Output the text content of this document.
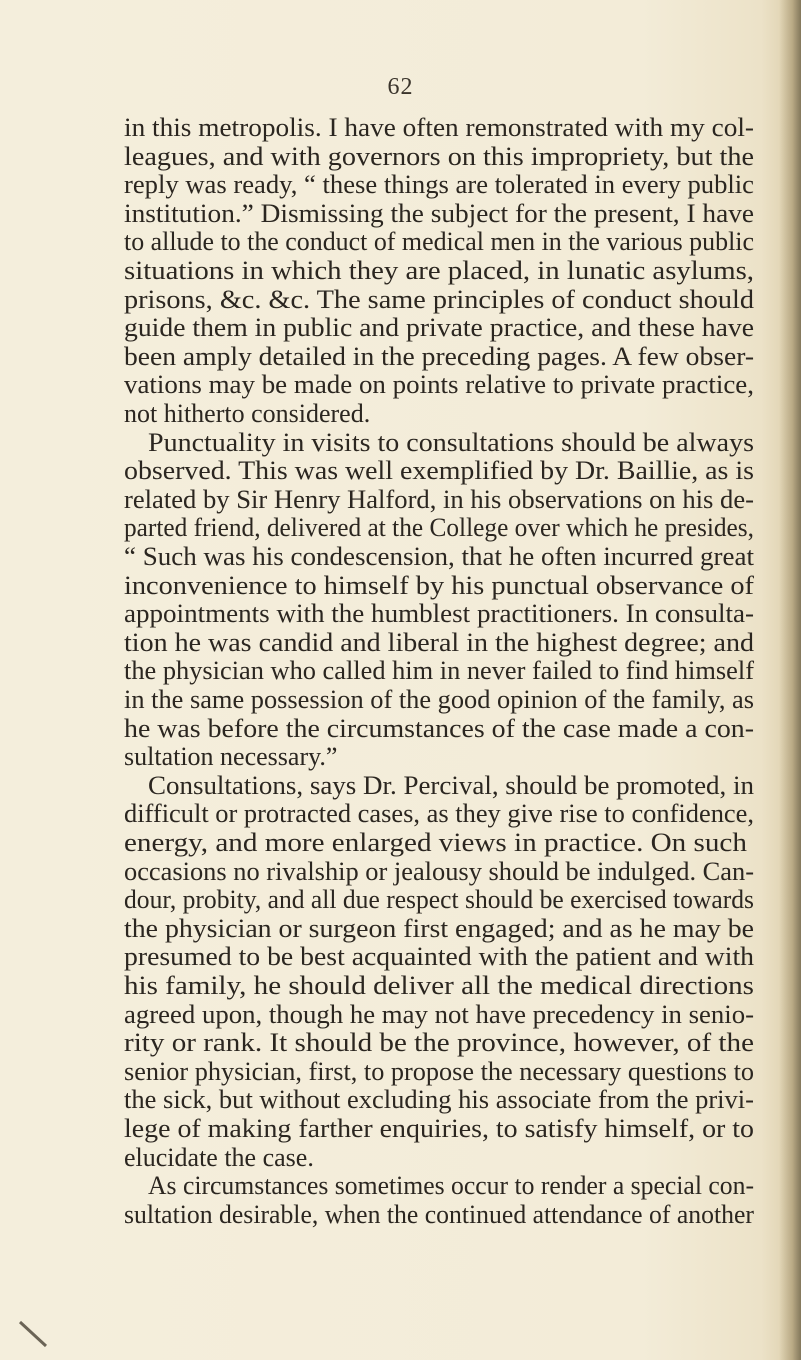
62
in this metropolis. I have often remonstrated with my col-
leagues, and with governors on this impropriety, but the
reply was ready, “ these things are tolerated in every public
institution.” Dismissing the subject for the present, I have
to allude to the conduct of medical men in the various public
situations in which they are placed, in lunatic asylums,
prisons, &c. &c. The same principles of conduct should
guide them in public and private practice, and these have
been amply detailed in the preceding pages. A few obser-
vations may be made on points relative to private practice,
not hitherto considered.
Punctuality in visits to consultations should be always
observed. This was well exemplified by Dr. Baillie, as is
related by Sir Henry Halford, in his observations on his de-
parted friend, delivered at the College over which he presides,
“ Such was his condescension, that he often incurred great
inconvenience to himself by his punctual observance of
appointments with the humblest practitioners. In consulta-
tion he was candid and liberal in the highest degree; and
the physician who called him in never failed to find himself
in the same possession of the good opinion of the family, as
he was before the circumstances of the case made a con-
sultation necessary.”
Consultations, says Dr. Percival, should be promoted, in
difficult or protracted cases, as they give rise to confidence,
energy, and more enlarged views in practice. On such
occasions no rivalship or jealousy should be indulged. Can-
dour, probity, and all due respect should be exercised towards
the physician or surgeon first engaged; and as he may be
presumed to be best acquainted with the patient and with
his family, he should deliver all the medical directions
agreed upon, though he may not have precedency in senio-
rity or rank. It should be the province, however, of the
senior physician, first, to propose the necessary questions to
the sick, but without excluding his associate from the privi-
lege of making farther enquiries, to satisfy himself, or to
elucidate the case.
As circumstances sometimes occur to render a special con-
sultation desirable, when the continued attendance of another
